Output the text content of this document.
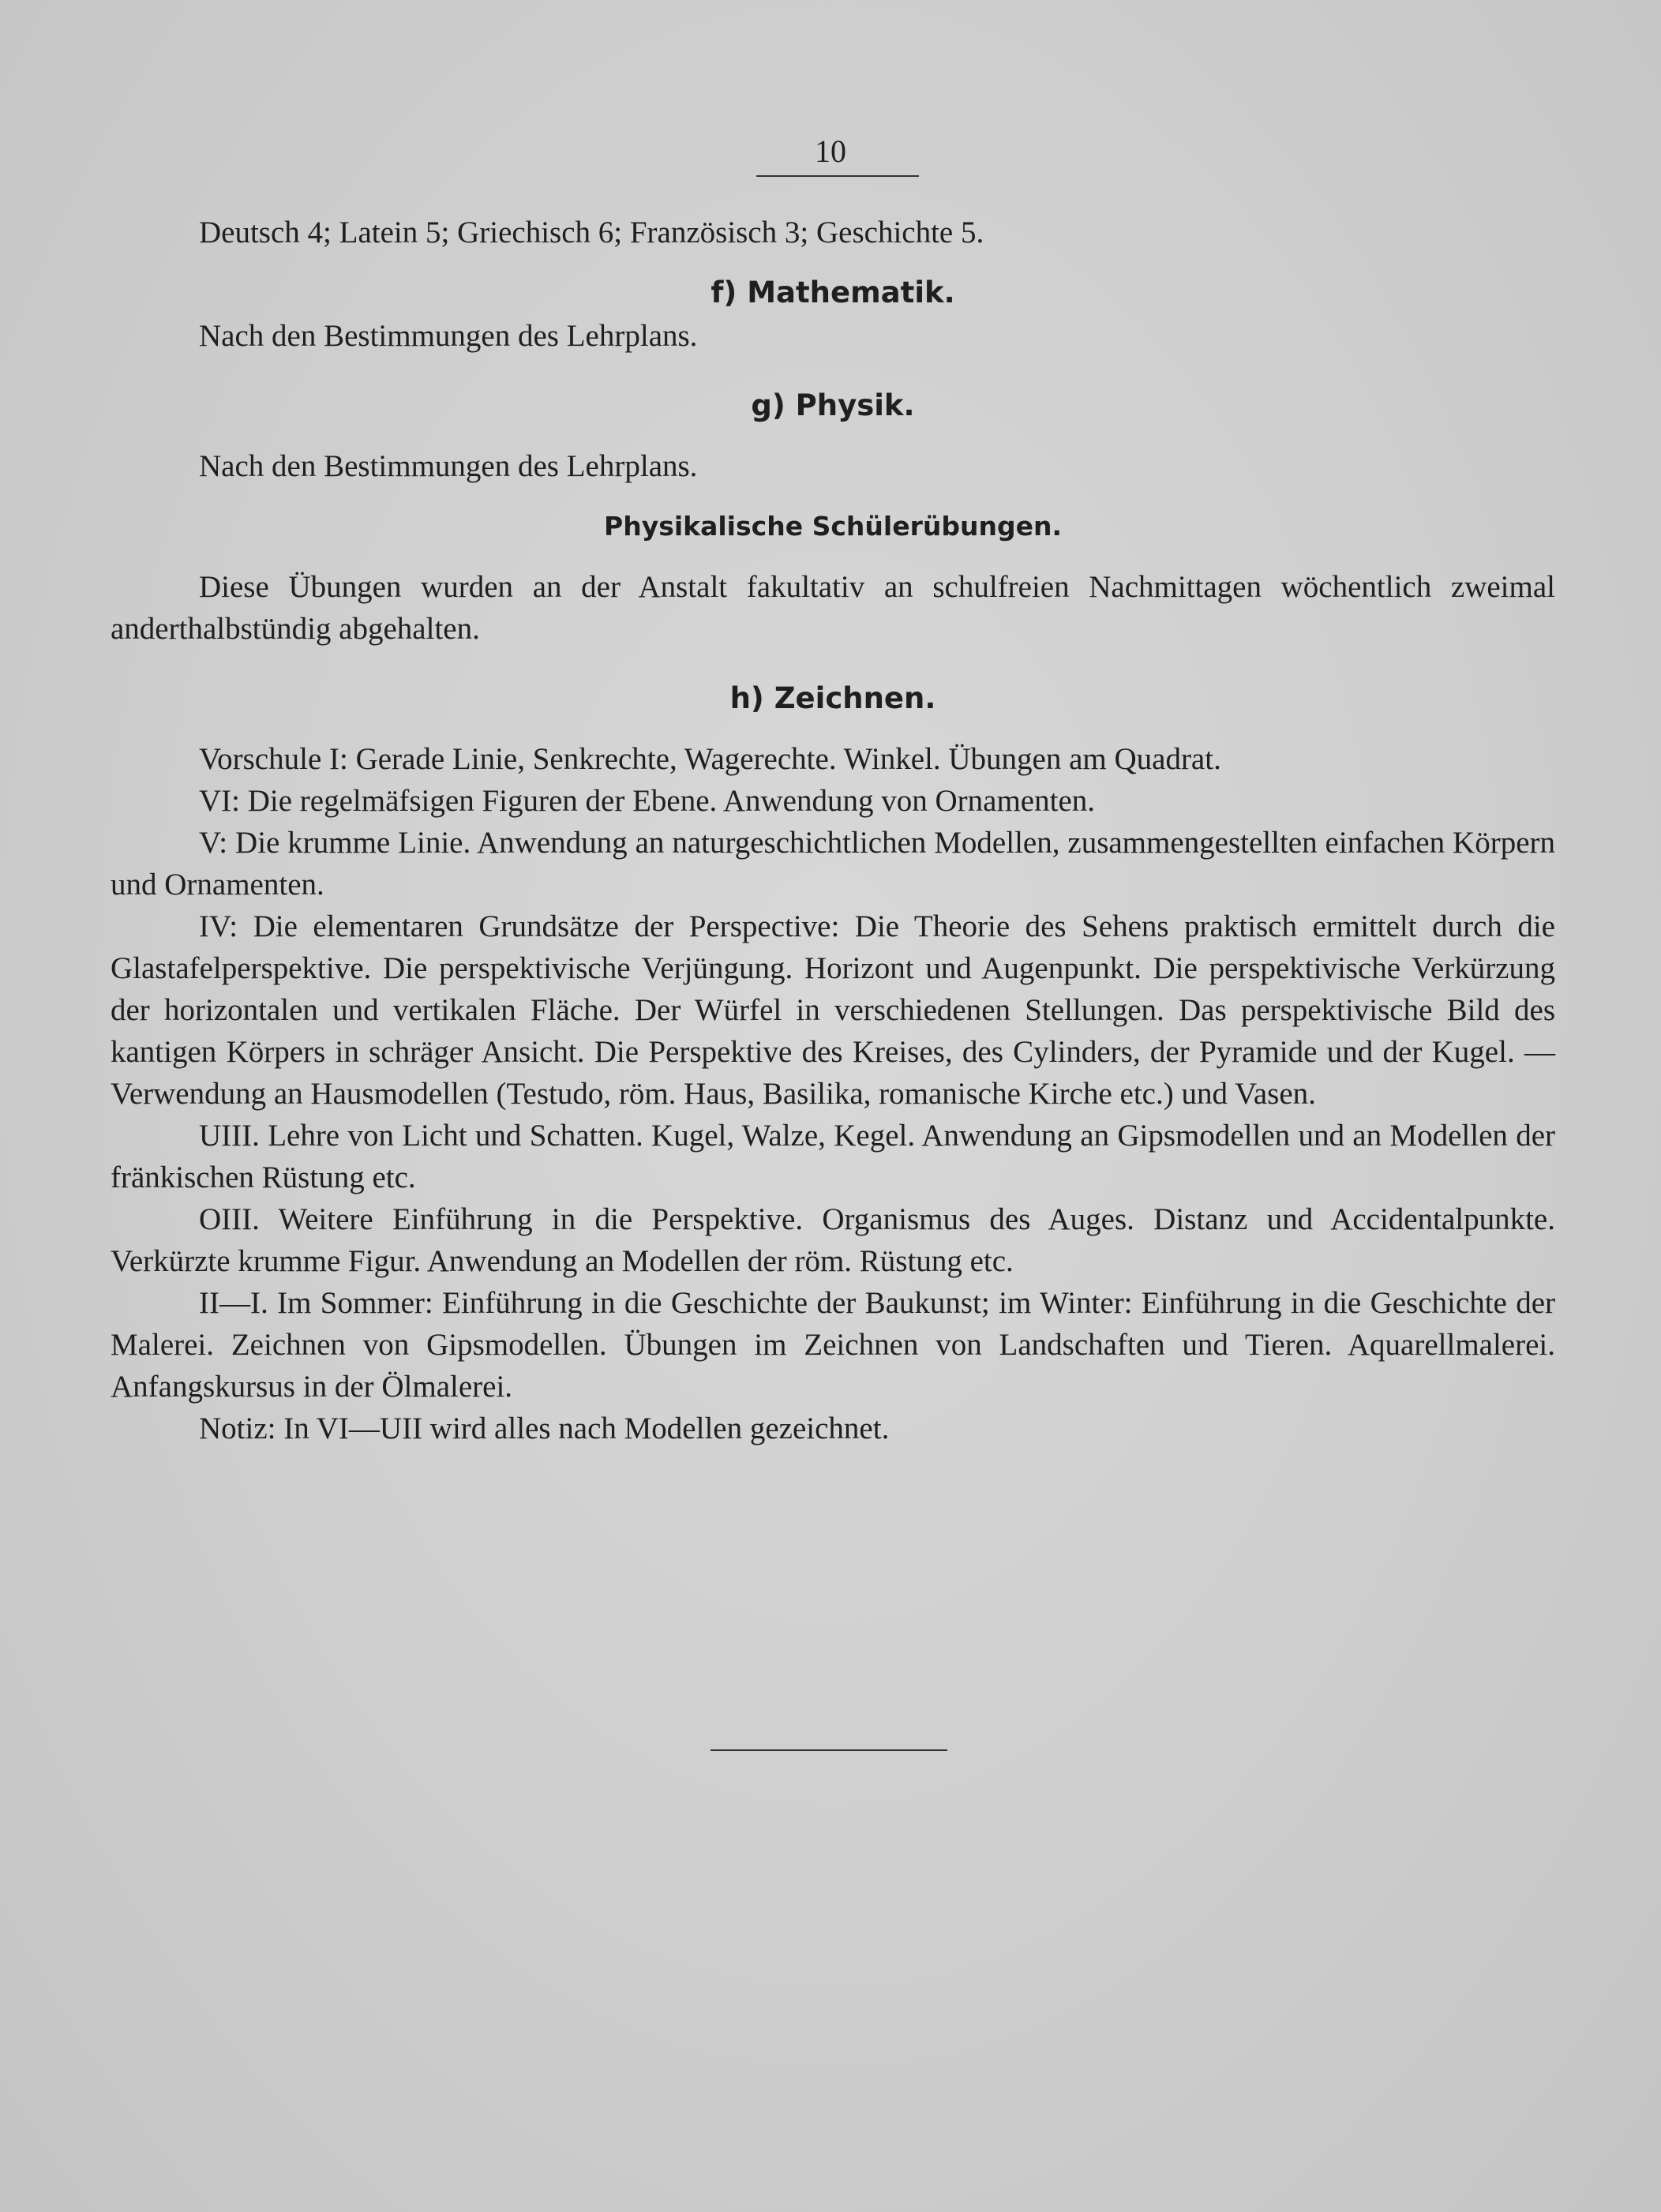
10

Deutsch 4; Latein 5; Griechisch 6; Französisch 3; Geschichte 5.

f) Mathematik.

Nach den Bestimmungen des Lehrplans.

g) Physik.

Nach den Bestimmungen des Lehrplans.

Physikalische Schülerübungen.

Diese Übungen wurden an der Anstalt fakultativ an schulfreien Nachmittagen wöchentlich zweimal anderthalbstündig abgehalten.

h) Zeichnen.

Vorschule I: Gerade Linie, Senkrechte, Wagerechte. Winkel. Übungen am Quadrat.

VI: Die regelmäfsigen Figuren der Ebene. Anwendung von Ornamenten.

V: Die krumme Linie. Anwendung an naturgeschichtlichen Modellen, zusammengestellten einfachen Körpern und Ornamenten.

IV: Die elementaren Grundsätze der Perspective: Die Theorie des Sehens praktisch ermittelt durch die Glastafelperspektive. Die perspektivische Verjüngung. Horizont und Augenpunkt. Die perspektivische Verkürzung der horizontalen und vertikalen Fläche. Der Würfel in verschiedenen Stellungen. Das perspektivische Bild des kantigen Körpers in schräger Ansicht. Die Perspektive des Kreises, des Cylinders, der Pyramide und der Kugel. — Verwendung an Hausmodellen (Testudo, röm. Haus, Basilika, romanische Kirche etc.) und Vasen.

UIII. Lehre von Licht und Schatten. Kugel, Walze, Kegel. Anwendung an Gipsmodellen und an Modellen der fränkischen Rüstung etc.

OIII. Weitere Einführung in die Perspektive. Organismus des Auges. Distanz und Accidentalpunkte. Verkürzte krumme Figur. Anwendung an Modellen der röm. Rüstung etc.

II—I. Im Sommer: Einführung in die Geschichte der Baukunst; im Winter: Einführung in die Geschichte der Malerei. Zeichnen von Gipsmodellen. Übungen im Zeichnen von Landschaften und Tieren. Aquarellmalerei. Anfangskursus in der Ölmalerei.

Notiz: In VI—UII wird alles nach Modellen gezeichnet.
